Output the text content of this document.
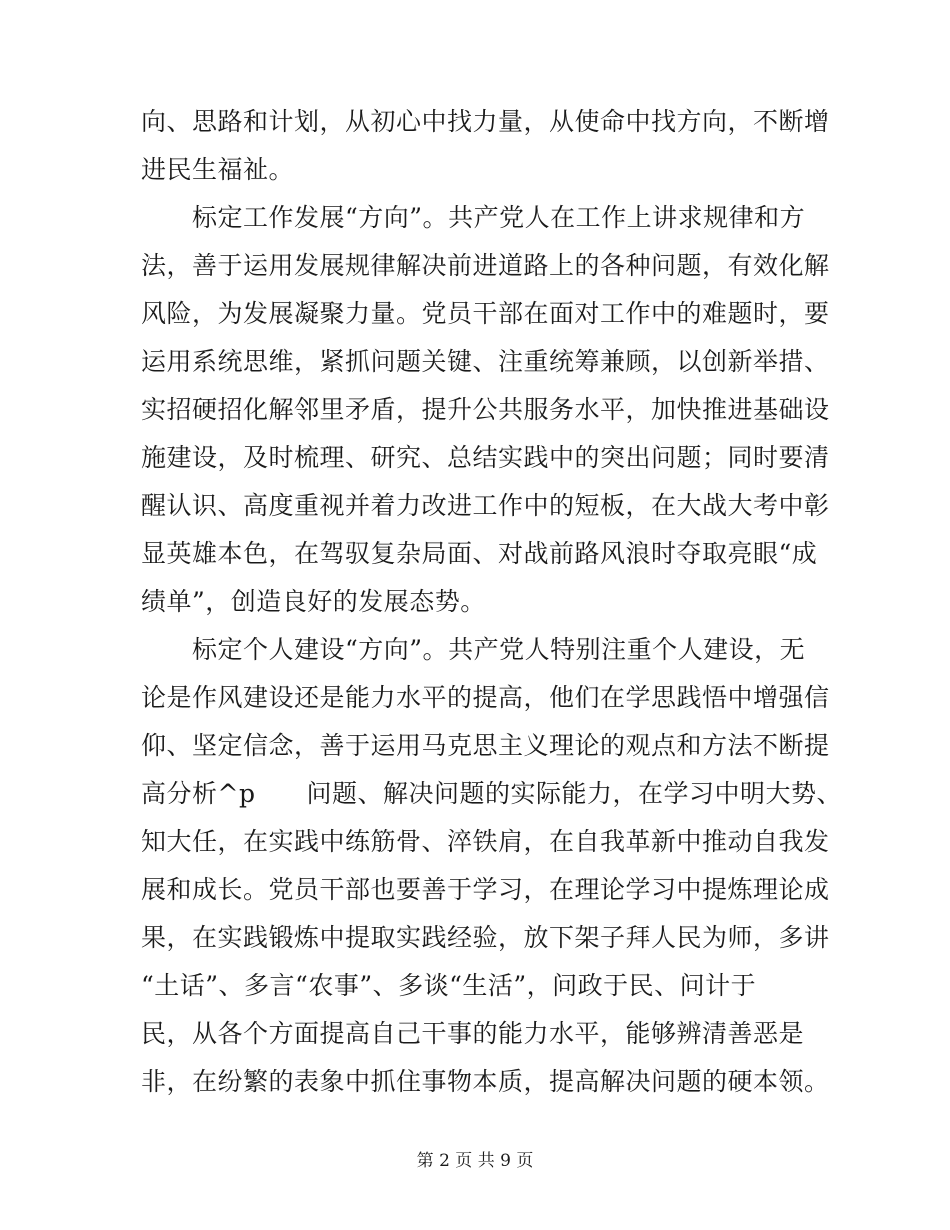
向、思路和计划，从初心中找力量，从使命中找方向，不断增
进民生福祉。
　　标定工作发展“方向”。共产党人在工作上讲求规律和方
法，善于运用发展规律解决前进道路上的各种问题，有效化解
风险，为发展凝聚力量。党员干部在面对工作中的难题时，要
运用系统思维，紧抓问题关键、注重统筹兼顾，以创新举措、
实招硬招化解邻里矛盾，提升公共服务水平，加快推进基础设
施建设，及时梳理、研究、总结实践中的突出问题；同时要清
醒认识、高度重视并着力改进工作中的短板，在大战大考中彰
显英雄本色，在驾驭复杂局面、对战前路风浪时夺取亮眼“成
绩单”，创造良好的发展态势。
　　标定个人建设“方向”。共产党人特别注重个人建设，无
论是作风建设还是能力水平的提高，他们在学思践悟中增强信
仰、坚定信念，善于运用马克思主义理论的观点和方法不断提
高分析^p　　问题、解决问题的实际能力，在学习中明大势、
知大任，在实践中练筋骨、淬铁肩，在自我革新中推动自我发
展和成长。党员干部也要善于学习，在理论学习中提炼理论成
果，在实践锻炼中提取实践经验，放下架子拜人民为师，多讲
“土话”、多言“农事”、多谈“生活”，问政于民、问计于
民，从各个方面提高自己干事的能力水平，能够辨清善恶是
非，在纷繁的表象中抓住事物本质，提高解决问题的硬本领。
第 2 页 共 9 页
